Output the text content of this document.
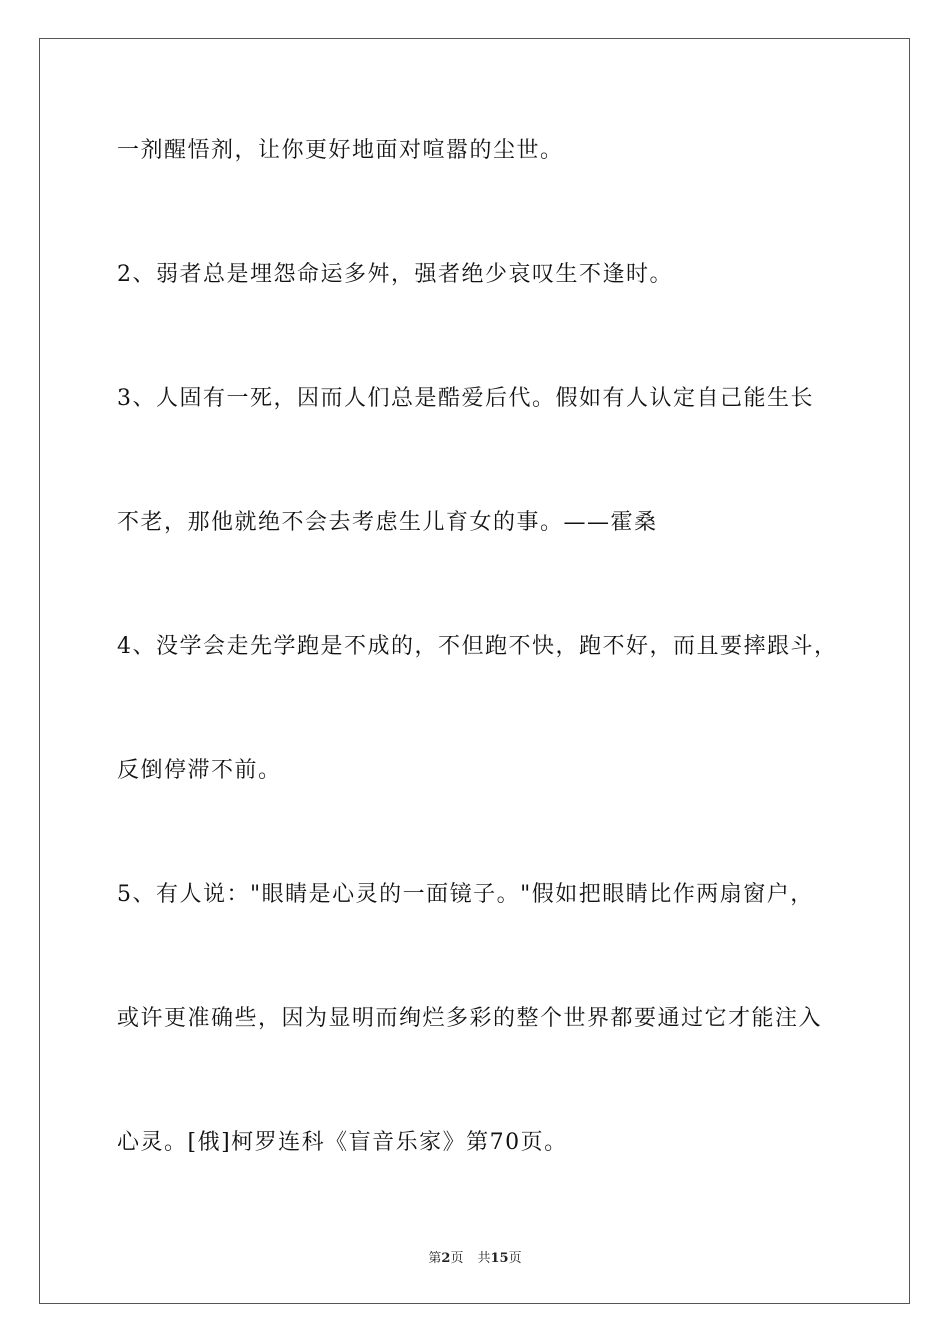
一剂醒悟剂，让你更好地面对喧嚣的尘世。
2、弱者总是埋怨命运多舛，强者绝少哀叹生不逢时。
3、人固有一死，因而人们总是酷爱后代。假如有人认定自己能生长
不老，那他就绝不会去考虑生儿育女的事。——霍桑
4、没学会走先学跑是不成的，不但跑不快，跑不好，而且要摔跟斗，
反倒停滞不前。
5、有人说："眼睛是心灵的一面镜子。"假如把眼睛比作两扇窗户，
或许更准确些，因为显明而绚烂多彩的整个世界都要通过它才能注入
心灵。[俄]柯罗连科《盲音乐家》第70页。
第2页 共15页
